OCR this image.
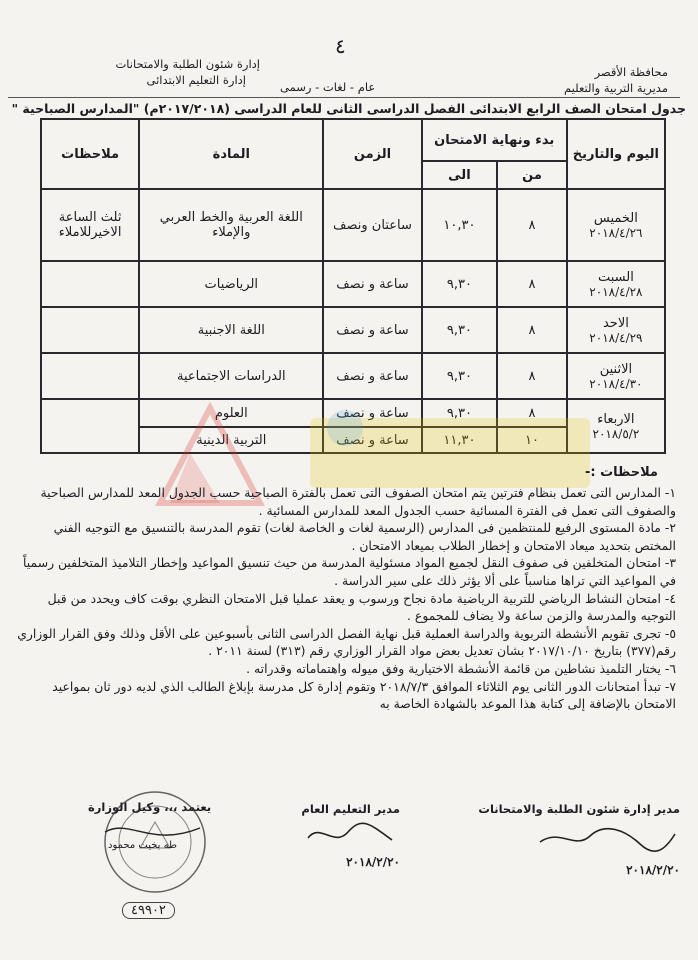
٤
محافظة الأقصر
مديرية التربية والتعليم
إدارة شئون الطلبة والامتحانات
إدارة التعليم الابتدائى	عام - لغات - رسمى
جدول امتحان الصف الرابع الابتدائى الفصل الدراسى الثانى للعام الدراسى (٢٠١٧/٢٠١٨م) "المدارس الصباحية "
اليوم والتاريخ	بدء ونهاية الامتحان		الزمن	المادة	ملاحظات
	من	الى			

الخميس
٢٠١٨/٤/٢٦	٨	١٠,٣٠	ساعتان ونصف	اللغة العربية والخط العربي والإملاء	ثلث الساعة الاخيرللاملاء

السبت
٢٠١٨/٤/٢٨	٨	٩,٣٠	ساعة و نصف	الرياضيات	

الاحد
٢٠١٨/٤/٢٩	٨	٩,٣٠	ساعة و نصف	اللغة الاجنبية	

الاثنين
٢٠١٨/٤/٣٠	٨	٩,٣٠	ساعة و نصف	الدراسات الاجتماعية	

الاربعاء
٢٠١٨/٥/٢	٨	٩,٣٠	ساعة و نصف	العلوم	
	١٠	١١,٣٠	ساعة و نصف	التربية الدينية	
ملاحظات :-

١- المدارس التى تعمل بنظام فترتين يتم امتحان الصفوف التى تعمل بالفترة الصباحية حسب الجدول المعد للمدارس الصباحية والصفوف التى تعمل فى الفترة المسائية حسب الجدول المعد للمدارس المسائية .

٢- مادة المستوى الرفيع للمنتظمين فى المدارس (الرسمية لغات و الخاصة لغات) تقوم المدرسة بالتنسيق مع التوجيه الفني المختص بتحديد ميعاد الامتحان و إخطار الطلاب بميعاد الامتحان .

٣- امتحان المتخلفين فى صفوف النقل لجميع المواد مسئولية المدرسة من حيث تنسيق المواعيد وإخطار التلاميذ المتخلفين رسمياً في المواعيد التي تراها مناسباً على ألا يؤثر ذلك على سير الدراسة .

٤- امتحان النشاط الرياضي للتربية الرياضية مادة نجاح ورسوب و يعقد عمليا قبل الامتحان النظري بوقت كاف ويحدد من قبل التوجيه والمدرسة والزمن ساعة ولا يضاف للمجموع .

٥- تجرى تقويم الأنشطة التربوية والدراسة العملية قبل نهاية الفصل الدراسى الثانى بأسبوعين على الأقل وذلك وفق القرار الوزاري رقم(٣٧٧) بتاريخ ٢٠١٧/١٠/١٠ بشان تعديل بعض مواد القرار الوزاري رقم (٣١٣) لسنة ٢٠١١ .

٦- يختار التلميذ نشاطين من قائمة الأنشطة الاختيارية وفق ميوله واهتماماته وقدراته .

٧- تبدأ امتحانات الدور الثانى يوم الثلاثاء الموافق ٢٠١٨/٧/٣ وتقوم إدارة كل مدرسة بإبلاغ الطالب الذي لديه دور ثان بمواعيد الامتحان بالإضافة إلى كتابة هذا الموعد بالشهادة الخاصة به

مدير إدارة شئون الطلبة والامتحانات
٢٠١٨/٢/٢٠
مدير التعليم العام
٢٠١٨/٢/٢٠
يعتمد ،،، وكيل الوزارة
طه بخيت محمود
٤٩٩٠٢
